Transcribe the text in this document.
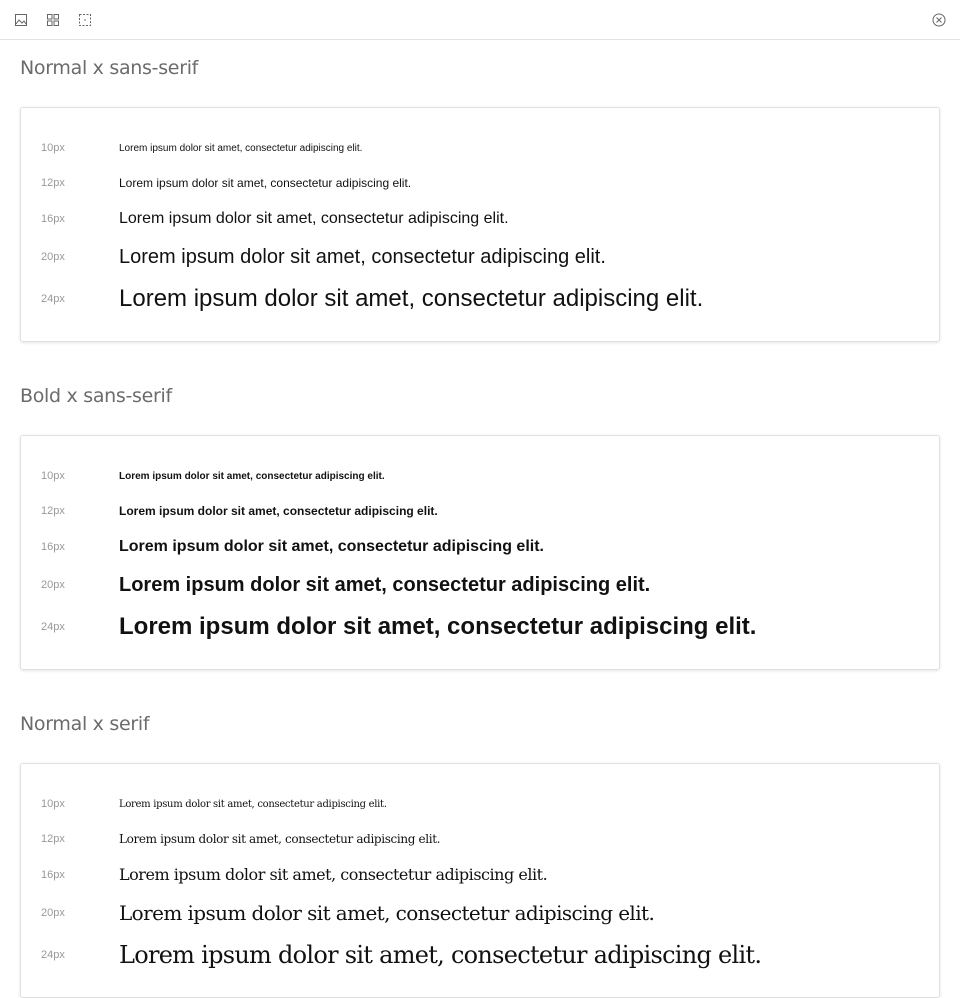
Normal x sans-serif
10px	Lorem ipsum dolor sit amet, consectetur adipiscing elit.
12px	Lorem ipsum dolor sit amet, consectetur adipiscing elit.
16px	Lorem ipsum dolor sit amet, consectetur adipiscing elit.
20px	Lorem ipsum dolor sit amet, consectetur adipiscing elit.
24px	Lorem ipsum dolor sit amet, consectetur adipiscing elit.
Bold x sans-serif
10px	Lorem ipsum dolor sit amet, consectetur adipiscing elit.
12px	Lorem ipsum dolor sit amet, consectetur adipiscing elit.
16px	Lorem ipsum dolor sit amet, consectetur adipiscing elit.
20px	Lorem ipsum dolor sit amet, consectetur adipiscing elit.
24px	Lorem ipsum dolor sit amet, consectetur adipiscing elit.
Normal x serif
10px	Lorem ipsum dolor sit amet, consectetur adipiscing elit.
12px	Lorem ipsum dolor sit amet, consectetur adipiscing elit.
16px	Lorem ipsum dolor sit amet, consectetur adipiscing elit.
20px	Lorem ipsum dolor sit amet, consectetur adipiscing elit.
24px	Lorem ipsum dolor sit amet, consectetur adipiscing elit.
